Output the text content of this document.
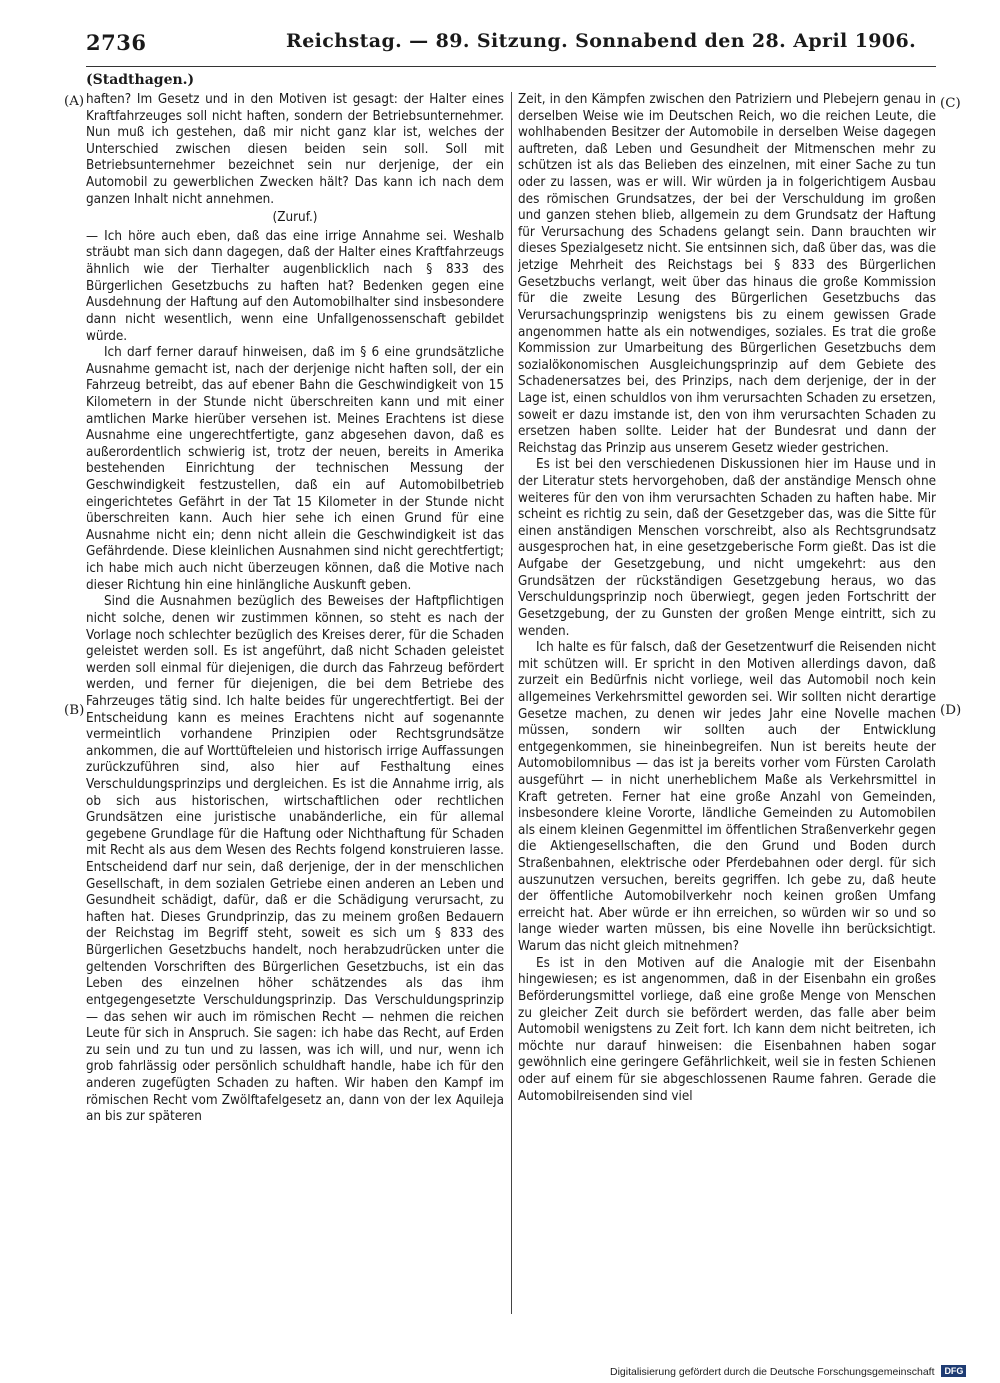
2736	Reichstag. — 89. Sitzung. Sonnabend den 28. April 1906.
(Stadthagen.)
(A)
(B)
(C)
(D)

haften? Im Gesetz und in den Motiven ist gesagt: der Halter eines Kraftfahrzeuges soll nicht haften, sondern der Betriebsunternehmer. Nun muß ich gestehen, daß mir nicht ganz klar ist, welches der Unterschied zwischen diesen beiden sein soll. Soll mit Betriebsunternehmer bezeichnet sein nur derjenige, der ein Automobil zu gewerblichen Zwecken hält? Das kann ich nach dem ganzen Inhalt nicht annehmen.

(Zuruf.)

— Ich höre auch eben, daß das eine irrige Annahme sei. Weshalb sträubt man sich dann dagegen, daß der Halter eines Kraftfahrzeugs ähnlich wie der Tierhalter augenblicklich nach § 833 des Bürgerlichen Gesetzbuchs zu haften hat? Bedenken gegen eine Ausdehnung der Haftung auf den Automobilhalter sind insbesondere dann nicht wesentlich, wenn eine Unfallgenossenschaft gebildet würde.

Ich darf ferner darauf hinweisen, daß im § 6 eine grundsätzliche Ausnahme gemacht ist, nach der derjenige nicht haften soll, der ein Fahrzeug betreibt, das auf ebener Bahn die Geschwindigkeit von 15 Kilometern in der Stunde nicht überschreiten kann und mit einer amtlichen Marke hierüber versehen ist. Meines Erachtens ist diese Ausnahme eine ungerechtfertigte, ganz abgesehen davon, daß es außerordentlich schwierig ist, trotz der neuen, bereits in Amerika bestehenden Einrichtung der technischen Messung der Geschwindigkeit festzustellen, daß ein auf Automobilbetrieb eingerichtetes Gefährt in der Tat 15 Kilometer in der Stunde nicht überschreiten kann. Auch hier sehe ich einen Grund für eine Ausnahme nicht ein; denn nicht allein die Geschwindigkeit ist das Gefährdende. Diese kleinlichen Ausnahmen sind nicht gerechtfertigt; ich habe mich auch nicht überzeugen können, daß die Motive nach dieser Richtung hin eine hinlängliche Auskunft geben.

Sind die Ausnahmen bezüglich des Beweises der Haftpflichtigen nicht solche, denen wir zustimmen können, so steht es nach der Vorlage noch schlechter bezüglich des Kreises derer, für die Schaden geleistet werden soll. Es ist angeführt, daß nicht Schaden geleistet werden soll einmal für diejenigen, die durch das Fahrzeug befördert werden, und ferner für diejenigen, die bei dem Betriebe des Fahrzeuges tätig sind. Ich halte beides für ungerechtfertigt. Bei der Entscheidung kann es meines Erachtens nicht auf sogenannte vermeintlich vorhandene Prinzipien oder Rechtsgrundsätze ankommen, die auf Worttüfteleien und historisch irrige Auffassungen zurückzuführen sind, also hier auf Festhaltung eines Verschuldungsprinzips und dergleichen. Es ist die Annahme irrig, als ob sich aus historischen, wirtschaftlichen oder rechtlichen Grundsätzen eine juristische unabänderliche, ein für allemal gegebene Grundlage für die Haftung oder Nichthaftung für Schaden mit Recht als aus dem Wesen des Rechts folgend konstruieren lasse. Entscheidend darf nur sein, daß derjenige, der in der menschlichen Gesellschaft, in dem sozialen Getriebe einen anderen an Leben und Gesundheit schädigt, dafür, daß er die Schädigung verursacht, zu haften hat. Dieses Grundprinzip, das zu meinem großen Bedauern der Reichstag im Begriff steht, soweit es sich um § 833 des Bürgerlichen Gesetzbuchs handelt, noch herabzudrücken unter die geltenden Vorschriften des Bürgerlichen Gesetzbuchs, ist ein das Leben des einzelnen höher schätzendes als das ihm entgegengesetzte Verschuldungsprinzip. Das Verschuldungsprinzip — das sehen wir auch im römischen Recht — nehmen die reichen Leute für sich in Anspruch. Sie sagen: ich habe das Recht, auf Erden zu sein und zu tun und zu lassen, was ich will, und nur, wenn ich grob fahrlässig oder persönlich schuldhaft handle, habe ich für den anderen zugefügten Schaden zu haften. Wir haben den Kampf im römischen Recht vom Zwölftafelgesetz an, dann von der lex Aquileja an bis zur späteren

Zeit, in den Kämpfen zwischen den Patriziern und Plebejern genau in derselben Weise wie im Deutschen Reich, wo die reichen Leute, die wohlhabenden Besitzer der Automobile in derselben Weise dagegen auftreten, daß Leben und Gesundheit der Mitmenschen mehr zu schützen ist als das Belieben des einzelnen, mit einer Sache zu tun oder zu lassen, was er will. Wir würden ja in folgerichtigem Ausbau des römischen Grundsatzes, der bei der Verschuldung im großen und ganzen stehen blieb, allgemein zu dem Grundsatz der Haftung für Verursachung des Schadens gelangt sein. Dann brauchten wir dieses Spezialgesetz nicht. Sie entsinnen sich, daß über das, was die jetzige Mehrheit des Reichstags bei § 833 des Bürgerlichen Gesetzbuchs verlangt, weit über das hinaus die große Kommission für die zweite Lesung des Bürgerlichen Gesetzbuchs das Verursachungsprinzip wenigstens bis zu einem gewissen Grade angenommen hatte als ein notwendiges, soziales. Es trat die große Kommission zur Umarbeitung des Bürgerlichen Gesetzbuchs dem sozialökonomischen Ausgleichungsprinzip auf dem Gebiete des Schadenersatzes bei, des Prinzips, nach dem derjenige, der in der Lage ist, einen schuldlos von ihm verursachten Schaden zu ersetzen, soweit er dazu imstande ist, den von ihm verursachten Schaden zu ersetzen haben sollte. Leider hat der Bundesrat und dann der Reichstag das Prinzip aus unserem Gesetz wieder gestrichen.

Es ist bei den verschiedenen Diskussionen hier im Hause und in der Literatur stets hervorgehoben, daß der anständige Mensch ohne weiteres für den von ihm verursachten Schaden zu haften habe. Mir scheint es richtig zu sein, daß der Gesetzgeber das, was die Sitte für einen anständigen Menschen vorschreibt, also als Rechtsgrundsatz ausgesprochen hat, in eine gesetzgeberische Form gießt. Das ist die Aufgabe der Gesetzgebung, und nicht umgekehrt: aus den Grundsätzen der rückständigen Gesetzgebung heraus, wo das Verschuldungsprinzip noch überwiegt, gegen jeden Fortschritt der Gesetzgebung, der zu Gunsten der großen Menge eintritt, sich zu wenden.

Ich halte es für falsch, daß der Gesetzentwurf die Reisenden nicht mit schützen will. Er spricht in den Motiven allerdings davon, daß zurzeit ein Bedürfnis nicht vorliege, weil das Automobil noch kein allgemeines Verkehrsmittel geworden sei. Wir sollten nicht derartige Gesetze machen, zu denen wir jedes Jahr eine Novelle machen müssen, sondern wir sollten auch der Entwicklung entgegenkommen, sie hineinbegreifen. Nun ist bereits heute der Automobilomnibus — das ist ja bereits vorher vom Fürsten Carolath ausgeführt — in nicht unerheblichem Maße als Verkehrsmittel in Kraft getreten. Ferner hat eine große Anzahl von Gemeinden, insbesondere kleine Vororte, ländliche Gemeinden zu Automobilen als einem kleinen Gegenmittel im öffentlichen Straßenverkehr gegen die Aktiengesellschaften, die den Grund und Boden durch Straßenbahnen, elektrische oder Pferdebahnen oder dergl. für sich auszunutzen versuchen, bereits gegriffen. Ich gebe zu, daß heute der öffentliche Automobilverkehr noch keinen großen Umfang erreicht hat. Aber würde er ihn erreichen, so würden wir so und so lange wieder warten müssen, bis eine Novelle ihn berücksichtigt. Warum das nicht gleich mitnehmen?

Es ist in den Motiven auf die Analogie mit der Eisenbahn hingewiesen; es ist angenommen, daß in der Eisenbahn ein großes Beförderungsmittel vorliege, daß eine große Menge von Menschen zu gleicher Zeit durch sie befördert werden, das falle aber beim Automobil wenigstens zu Zeit fort. Ich kann dem nicht beitreten, ich möchte nur darauf hinweisen: die Eisenbahnen haben sogar gewöhnlich eine geringere Gefährlichkeit, weil sie in festen Schienen oder auf einem für sie abgeschlossenen Raume fahren. Gerade die Automobilreisenden sind viel

Digitalisierung gefördert durch die Deutsche Forschungsgemeinschaft DFG
